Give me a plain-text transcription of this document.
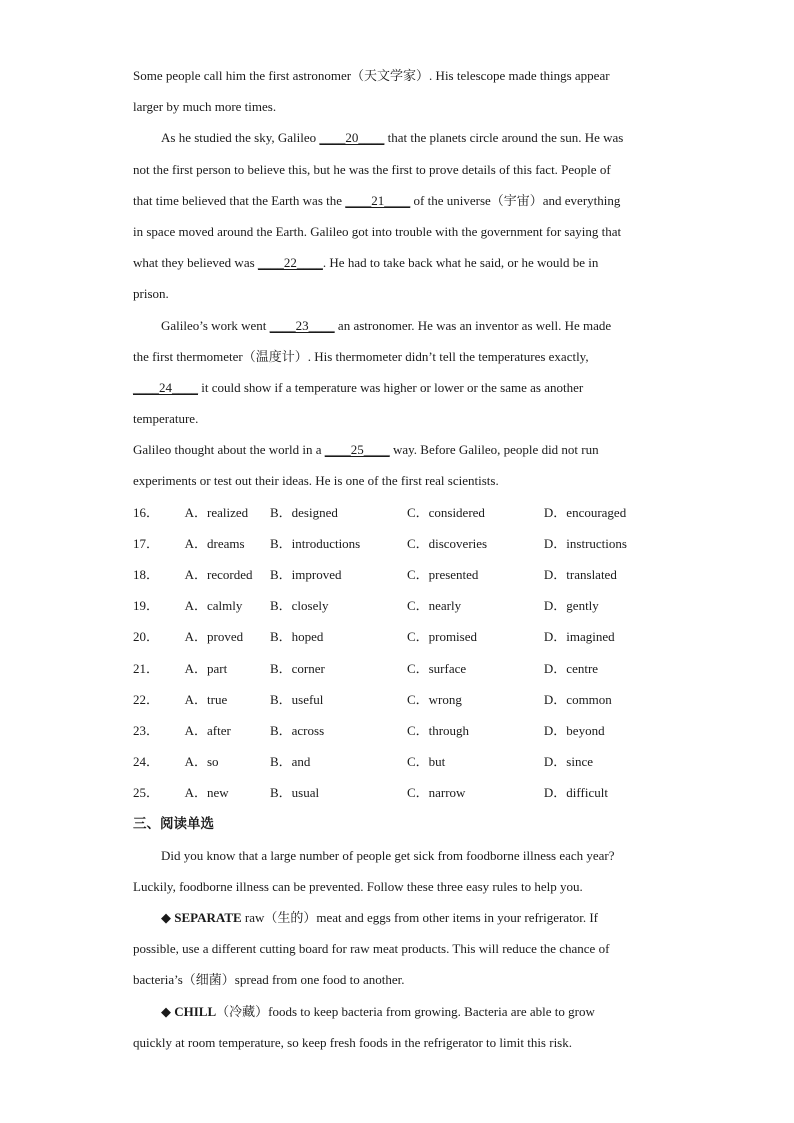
Some people call him the first astronomer（天文学家）. His telescope made things appear
larger by much more times.
As he studied the sky, Galileo ____20____ that the planets circle around the sun. He was
not the first person to believe this, but he was the first to prove details of this fact. People of
that time believed that the Earth was the ____21____ of the universe（宇宙）and everything
in space moved around the Earth. Galileo got into trouble with the government for saying that
what they believed was ____22____. He had to take back what he said, or he would be in
prison.
Galileo’s work went ____23____ an astronomer. He was an inventor as well. He made
the first thermometer（温度计）. His thermometer didn’t tell the temperatures exactly,
____24____ it could show if a temperature was higher or lower or the same as another
temperature.
Galileo thought about the world in a ____25____ way. Before Galileo, people did not run
experiments or test out their ideas. He is one of the first real scientists.
16．	A．realized	B．designed	C．considered	D．encouraged
17．	A．dreams	B．introductions	C．discoveries	D．instructions
18．	A．recorded	B．improved	C．presented	D．translated
19．	A．calmly	B．closely	C．nearly	D．gently
20．	A．proved	B．hoped	C．promised	D．imagined
21．	A．part	B．corner	C．surface	D．centre
22．	A．true	B．useful	C．wrong	D．common
23．	A．after	B．across	C．through	D．beyond
24．	A．so	B．and	C．but	D．since
25．	A．new	B．usual	C．narrow	D．difficult
三、阅读单选
Did you know that a large number of people get sick from foodborne illness each year?
Luckily, foodborne illness can be prevented. Follow these three easy rules to help you.
◆ SEPARATE raw（生的）meat and eggs from other items in your refrigerator. If
possible, use a different cutting board for raw meat products. This will reduce the chance of
bacteria’s（细菌）spread from one food to another.
◆ CHILL（冷藏）foods to keep bacteria from growing. Bacteria are able to grow
quickly at room temperature, so keep fresh foods in the refrigerator to limit this risk.
